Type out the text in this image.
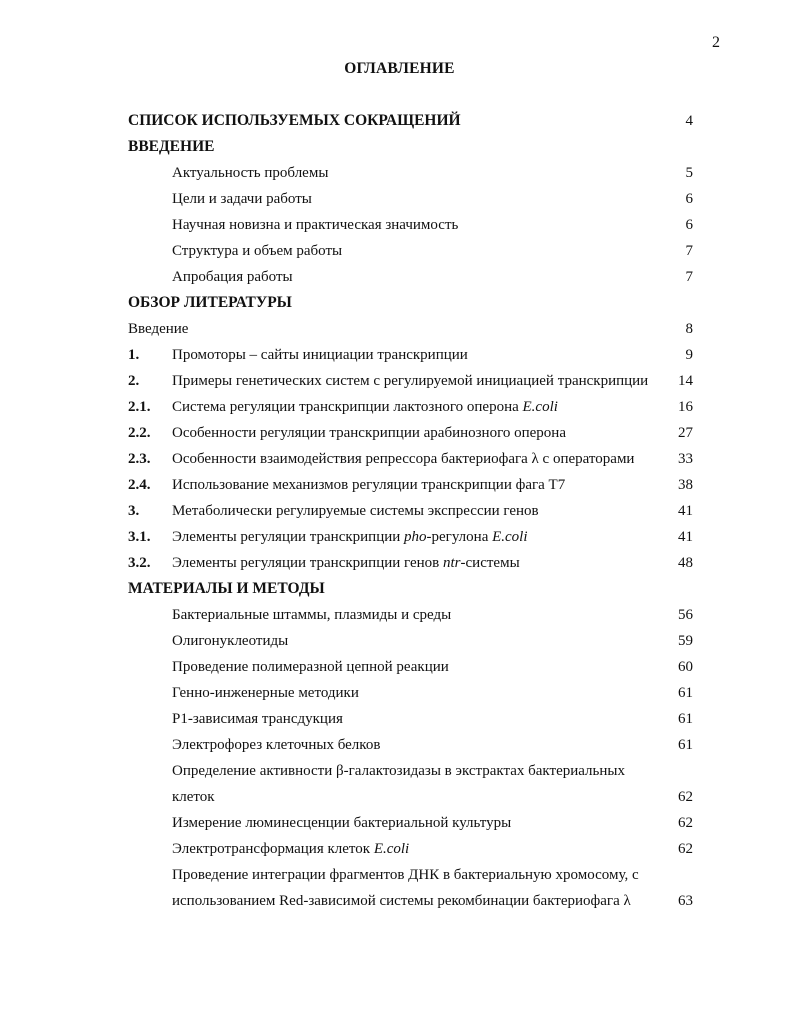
2
ОГЛАВЛЕНИЕ
СПИСОК ИСПОЛЬЗУЕМЫХ СОКРАЩЕНИЙ	4
ВВЕДЕНИЕ
Актуальность проблемы	5
Цели и задачи работы	6
Научная новизна и практическая значимость	6
Структура и объем работы	7
Апробация работы	7
ОБЗОР ЛИТЕРАТУРЫ
Введение	8
1. Промоторы – сайты инициации транскрипции	9
2. Примеры генетических систем с регулируемой инициацией транскрипции 14
2.1. Система регуляции транскрипции лактозного оперона E.coli	16
2.2. Особенности регуляции транскрипции арабинозного оперона	27
2.3. Особенности взаимодействия репрессора бактериофага λ с операторами	33
2.4. Использование механизмов регуляции транскрипции фага Т7	38
3. Метаболически регулируемые системы экспрессии генов	41
3.1. Элементы регуляции транскрипции pho-регулона E.coli	41
3.2. Элементы регуляции транскрипции генов ntr-системы	48
МАТЕРИАЛЫ И МЕТОДЫ
Бактериальные штаммы, плазмиды и среды	56
Олигонуклеотиды	59
Проведение полимеразной цепной реакции	60
Генно-инженерные методики	61
P1-зависимая трансдукция	61
Электрофорез клеточных белков	61
Определение активности β-галактозидазы в экстрактах бактериальных
клеток	62
Измерение люминесценции бактериальной культуры	62
Электротрансформация клеток E.coli	62
Проведение интеграции фрагментов ДНК в бактериальную хромосому, с
использованием Red-зависимой системы рекомбинации бактериофага λ	63
